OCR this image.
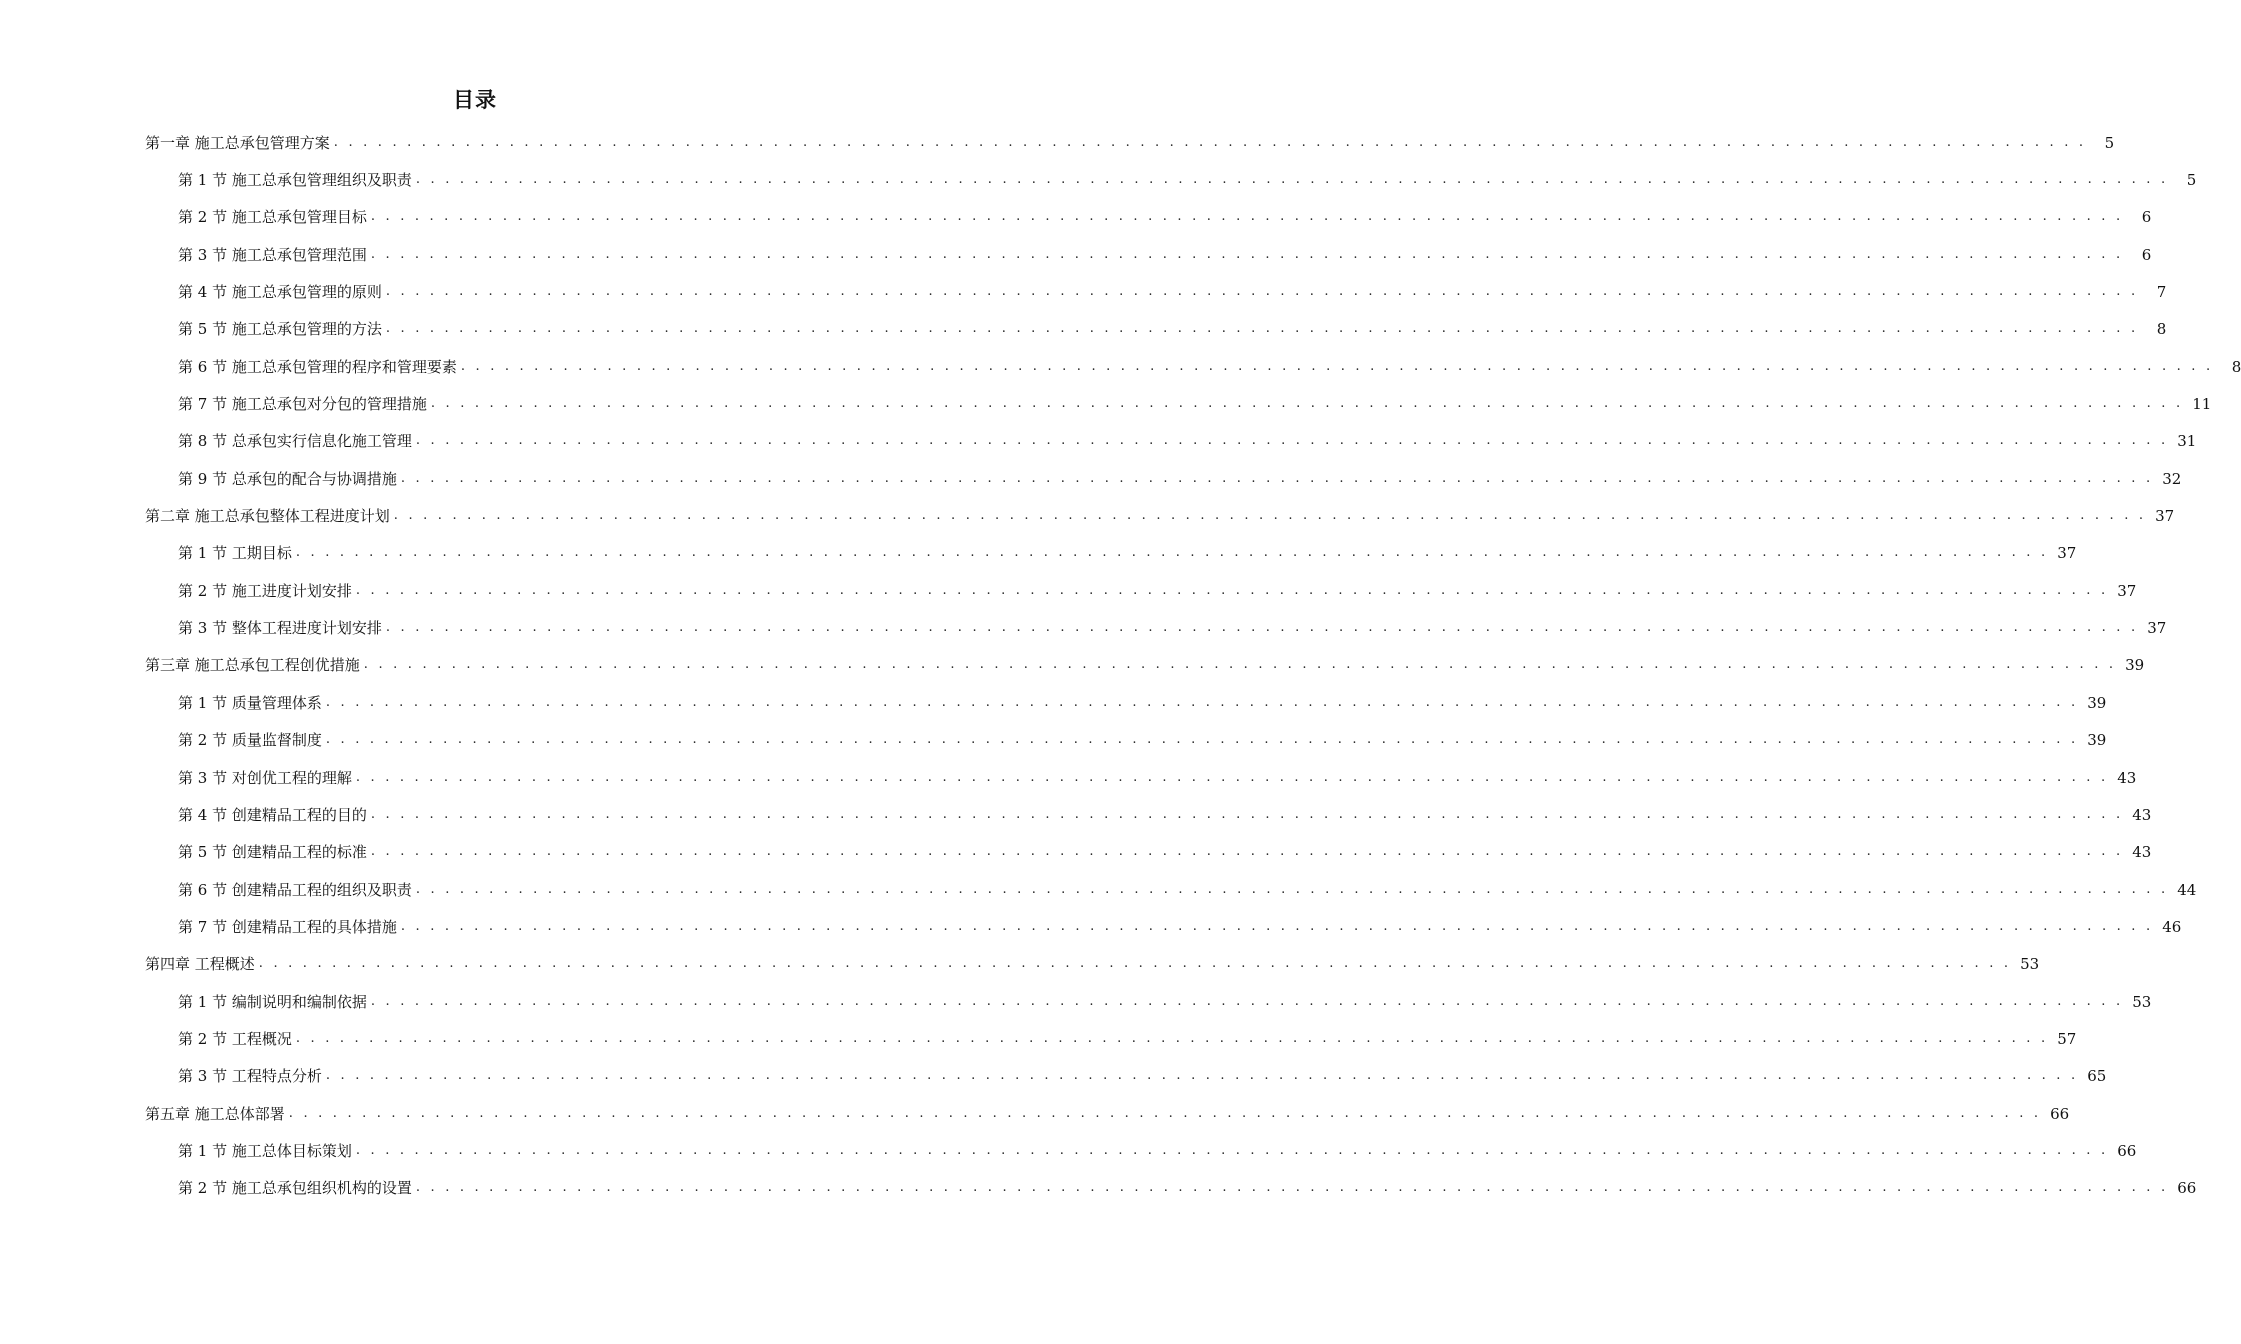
目录
第一章 施工总承包管理方案 . . . . . . . . . . . . . . . . . . . . . . . . . . . . . . . . . . . . . . . . . . . . . . . . . . . . . . . . . . . . . . . . . . . . . . . . . . . . . . . . . . . . . . . . . . . . . . . . . . . . . . . . . . . . . . . . . . . . . . . .	5
第 1 节 施工总承包管理组织及职责 . . . . . . . . . . . . . . . . . . . . . . . . . . . . . . . . . . . . . . . . . . . . . . . . . . . . . . . . . . . . . . . . . . . . . . . . . . . . . . . . . . . . . . . . . . . . . . . . . . . . . . . . . . . . . . . . . . . . . . . .	5
第 2 节 施工总承包管理目标 . . . . . . . . . . . . . . . . . . . . . . . . . . . . . . . . . . . . . . . . . . . . . . . . . . . . . . . . . . . . . . . . . . . . . . . . . . . . . . . . . . . . . . . . . . . . . . . . . . . . . . . . . . . . . . . . . . . . . . . .	6
第 3 节 施工总承包管理范围 . . . . . . . . . . . . . . . . . . . . . . . . . . . . . . . . . . . . . . . . . . . . . . . . . . . . . . . . . . . . . . . . . . . . . . . . . . . . . . . . . . . . . . . . . . . . . . . . . . . . . . . . . . . . . . . . . . . . . . . .	6
第 4 节 施工总承包管理的原则 . . . . . . . . . . . . . . . . . . . . . . . . . . . . . . . . . . . . . . . . . . . . . . . . . . . . . . . . . . . . . . . . . . . . . . . . . . . . . . . . . . . . . . . . . . . . . . . . . . . . . . . . . . . . . . . . . . . . . . . .	7
第 5 节 施工总承包管理的方法 . . . . . . . . . . . . . . . . . . . . . . . . . . . . . . . . . . . . . . . . . . . . . . . . . . . . . . . . . . . . . . . . . . . . . . . . . . . . . . . . . . . . . . . . . . . . . . . . . . . . . . . . . . . . . . . . . . . . . . . .	8
第 6 节 施工总承包管理的程序和管理要素 . . . . . . . . . . . . . . . . . . . . . . . . . . . . . . . . . . . . . . . . . . . . . . . . . . . . . . . . . . . . . . . . . . . . . . . . . . . . . . . . . . . . . . . . . . . . . . . . . . . . . . . . . . . . . . . . . . . . . . . .	8
第 7 节 施工总承包对分包的管理措施 . . . . . . . . . . . . . . . . . . . . . . . . . . . . . . . . . . . . . . . . . . . . . . . . . . . . . . . . . . . . . . . . . . . . . . . . . . . . . . . . . . . . . . . . . . . . . . . . . . . . . . . . . . . . . . . . . . . . . . . . 11
第 8 节 总承包实行信息化施工管理 . . . . . . . . . . . . . . . . . . . . . . . . . . . . . . . . . . . . . . . . . . . . . . . . . . . . . . . . . . . . . . . . . . . . . . . . . . . . . . . . . . . . . . . . . . . . . . . . . . . . . . . . . . . . . . . . . . . . . . . . 31
第 9 节 总承包的配合与协调措施 . . . . . . . . . . . . . . . . . . . . . . . . . . . . . . . . . . . . . . . . . . . . . . . . . . . . . . . . . . . . . . . . . . . . . . . . . . . . . . . . . . . . . . . . . . . . . . . . . . . . . . . . . . . . . . . . . . . . . . . . 32
第二章 施工总承包整体工程进度计划 . . . . . . . . . . . . . . . . . . . . . . . . . . . . . . . . . . . . . . . . . . . . . . . . . . . . . . . . . . . . . . . . . . . . . . . . . . . . . . . . . . . . . . . . . . . . . . . . . . . . . . . . . . . . . . . . . . . . . . . . 37
第 1 节 工期目标 . . . . . . . . . . . . . . . . . . . . . . . . . . . . . . . . . . . . . . . . . . . . . . . . . . . . . . . . . . . . . . . . . . . . . . . . . . . . . . . . . . . . . . . . . . . . . . . . . . . . . . . . . . . . . . . . . . . . . . . . 37
第 2 节 施工进度计划安排 . . . . . . . . . . . . . . . . . . . . . . . . . . . . . . . . . . . . . . . . . . . . . . . . . . . . . . . . . . . . . . . . . . . . . . . . . . . . . . . . . . . . . . . . . . . . . . . . . . . . . . . . . . . . . . . . . . . . . . . . 37
第 3 节 整体工程进度计划安排 . . . . . . . . . . . . . . . . . . . . . . . . . . . . . . . . . . . . . . . . . . . . . . . . . . . . . . . . . . . . . . . . . . . . . . . . . . . . . . . . . . . . . . . . . . . . . . . . . . . . . . . . . . . . . . . . . . . . . . . . 37
第三章 施工总承包工程创优措施 . . . . . . . . . . . . . . . . . . . . . . . . . . . . . . . . . . . . . . . . . . . . . . . . . . . . . . . . . . . . . . . . . . . . . . . . . . . . . . . . . . . . . . . . . . . . . . . . . . . . . . . . . . . . . . . . . . . . . . . . 39
第 1 节 质量管理体系 . . . . . . . . . . . . . . . . . . . . . . . . . . . . . . . . . . . . . . . . . . . . . . . . . . . . . . . . . . . . . . . . . . . . . . . . . . . . . . . . . . . . . . . . . . . . . . . . . . . . . . . . . . . . . . . . . . . . . . . . 39
第 2 节 质量监督制度 . . . . . . . . . . . . . . . . . . . . . . . . . . . . . . . . . . . . . . . . . . . . . . . . . . . . . . . . . . . . . . . . . . . . . . . . . . . . . . . . . . . . . . . . . . . . . . . . . . . . . . . . . . . . . . . . . . . . . . . . 39
第 3 节 对创优工程的理解 . . . . . . . . . . . . . . . . . . . . . . . . . . . . . . . . . . . . . . . . . . . . . . . . . . . . . . . . . . . . . . . . . . . . . . . . . . . . . . . . . . . . . . . . . . . . . . . . . . . . . . . . . . . . . . . . . . . . . . . . 43
第 4 节 创建精品工程的目的 . . . . . . . . . . . . . . . . . . . . . . . . . . . . . . . . . . . . . . . . . . . . . . . . . . . . . . . . . . . . . . . . . . . . . . . . . . . . . . . . . . . . . . . . . . . . . . . . . . . . . . . . . . . . . . . . . . . . . . . . 43
第 5 节 创建精品工程的标准 . . . . . . . . . . . . . . . . . . . . . . . . . . . . . . . . . . . . . . . . . . . . . . . . . . . . . . . . . . . . . . . . . . . . . . . . . . . . . . . . . . . . . . . . . . . . . . . . . . . . . . . . . . . . . . . . . . . . . . . . 43
第 6 节 创建精品工程的组织及职责 . . . . . . . . . . . . . . . . . . . . . . . . . . . . . . . . . . . . . . . . . . . . . . . . . . . . . . . . . . . . . . . . . . . . . . . . . . . . . . . . . . . . . . . . . . . . . . . . . . . . . . . . . . . . . . . . . . . . . . . . 44
第 7 节 创建精品工程的具体措施 . . . . . . . . . . . . . . . . . . . . . . . . . . . . . . . . . . . . . . . . . . . . . . . . . . . . . . . . . . . . . . . . . . . . . . . . . . . . . . . . . . . . . . . . . . . . . . . . . . . . . . . . . . . . . . . . . . . . . . . . 46
第四章 工程概述 . . . . . . . . . . . . . . . . . . . . . . . . . . . . . . . . . . . . . . . . . . . . . . . . . . . . . . . . . . . . . . . . . . . . . . . . . . . . . . . . . . . . . . . . . . . . . . . . . . . . . . . . . . . . . . . . . . . . . . . . 53
第 1 节 编制说明和编制依据 . . . . . . . . . . . . . . . . . . . . . . . . . . . . . . . . . . . . . . . . . . . . . . . . . . . . . . . . . . . . . . . . . . . . . . . . . . . . . . . . . . . . . . . . . . . . . . . . . . . . . . . . . . . . . . . . . . . . . . . . 53
第 2 节 工程概况 . . . . . . . . . . . . . . . . . . . . . . . . . . . . . . . . . . . . . . . . . . . . . . . . . . . . . . . . . . . . . . . . . . . . . . . . . . . . . . . . . . . . . . . . . . . . . . . . . . . . . . . . . . . . . . . . . . . . . . . . 57
第 3 节 工程特点分析 . . . . . . . . . . . . . . . . . . . . . . . . . . . . . . . . . . . . . . . . . . . . . . . . . . . . . . . . . . . . . . . . . . . . . . . . . . . . . . . . . . . . . . . . . . . . . . . . . . . . . . . . . . . . . . . . . . . . . . . . 65
第五章 施工总体部署 . . . . . . . . . . . . . . . . . . . . . . . . . . . . . . . . . . . . . . . . . . . . . . . . . . . . . . . . . . . . . . . . . . . . . . . . . . . . . . . . . . . . . . . . . . . . . . . . . . . . . . . . . . . . . . . . . . . . . . . . 66
第 1 节 施工总体目标策划 . . . . . . . . . . . . . . . . . . . . . . . . . . . . . . . . . . . . . . . . . . . . . . . . . . . . . . . . . . . . . . . . . . . . . . . . . . . . . . . . . . . . . . . . . . . . . . . . . . . . . . . . . . . . . . . . . . . . . . . . 66
第 2 节 施工总承包组织机构的设置 . . . . . . . . . . . . . . . . . . . . . . . . . . . . . . . . . . . . . . . . . . . . . . . . . . . . . . . . . . . . . . . . . . . . . . . . . . . . . . . . . . . . . . . . . . . . . . . . . . . . . . . . . . . . . . . . . . . . . . . . 66
